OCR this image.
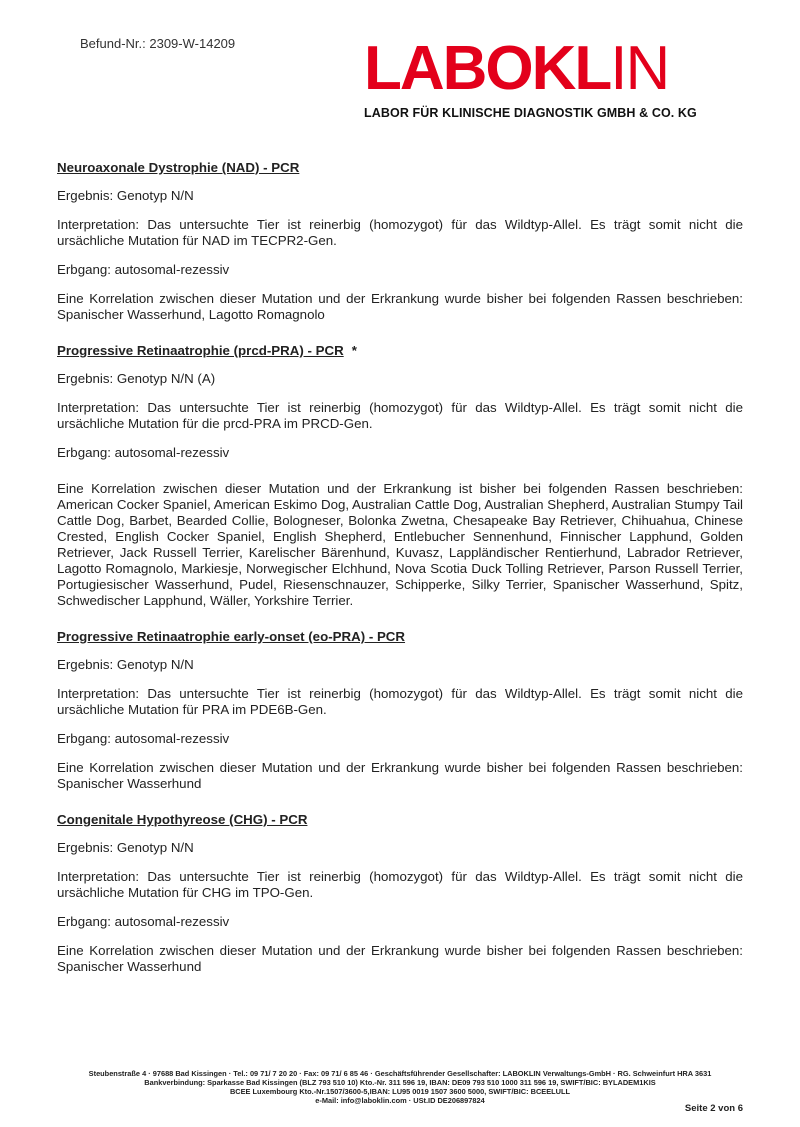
Befund-Nr.: 2309-W-14209 LABOKLIN
LABOR FÜR KLINISCHE DIAGNOSTIK GMBH & CO. KG
Neuroaxonale Dystrophie (NAD) - PCR

Ergebnis: Genotyp N/N

Interpretation: Das untersuchte Tier ist reinerbig (homozygot) für das Wildtyp-Allel. Es trägt somit nicht die ursächliche Mutation für NAD im TECPR2-Gen.

Erbgang: autosomal-rezessiv

Eine Korrelation zwischen dieser Mutation und der Erkrankung wurde bisher bei folgenden Rassen beschrieben: Spanischer Wasserhund, Lagotto Romagnolo

Progressive Retinaatrophie (prcd-PRA) - PCR *

Ergebnis: Genotyp N/N (A)

Interpretation: Das untersuchte Tier ist reinerbig (homozygot) für das Wildtyp-Allel. Es trägt somit nicht die ursächliche Mutation für die prcd-PRA im PRCD-Gen.

Erbgang: autosomal-rezessiv

Eine Korrelation zwischen dieser Mutation und der Erkrankung ist bisher bei folgenden Rassen beschrieben: American Cocker Spaniel, American Eskimo Dog, Australian Cattle Dog, Australian Shepherd, Australian Stumpy Tail Cattle Dog, Barbet, Bearded Collie, Bologneser, Bolonka Zwetna, Chesapeake Bay Retriever, Chihuahua, Chinese Crested, English Cocker Spaniel, English Shepherd, Entlebucher Sennenhund, Finnischer Lapphund, Golden Retriever, Jack Russell Terrier, Karelischer Bärenhund, Kuvasz, Lappländischer Rentierhund, Labrador Retriever, Lagotto Romagnolo, Markiesje, Norwegischer Elchhund, Nova Scotia Duck Tolling Retriever, Parson Russell Terrier, Portugiesischer Wasserhund, Pudel, Riesenschnauzer, Schipperke, Silky Terrier, Spanischer Wasserhund, Spitz, Schwedischer Lapphund, Wäller, Yorkshire Terrier.

Progressive Retinaatrophie early-onset (eo-PRA) - PCR

Ergebnis: Genotyp N/N

Interpretation: Das untersuchte Tier ist reinerbig (homozygot) für das Wildtyp-Allel. Es trägt somit nicht die ursächliche Mutation für PRA im PDE6B-Gen.

Erbgang: autosomal-rezessiv

Eine Korrelation zwischen dieser Mutation und der Erkrankung wurde bisher bei folgenden Rassen beschrieben: Spanischer Wasserhund

Congenitale Hypothyreose (CHG) - PCR

Ergebnis: Genotyp N/N

Interpretation: Das untersuchte Tier ist reinerbig (homozygot) für das Wildtyp-Allel. Es trägt somit nicht die ursächliche Mutation für CHG im TPO-Gen.

Erbgang: autosomal-rezessiv

Eine Korrelation zwischen dieser Mutation und der Erkrankung wurde bisher bei folgenden Rassen beschrieben: Spanischer Wasserhund

Steubenstraße 4 · 97688 Bad Kissingen · Tel.: 09 71/ 7 20 20 · Fax: 09 71/ 6 85 46 · Geschäftsführender Gesellschafter: LABOKLIN Verwaltungs-GmbH · RG. Schweinfurt HRA 3631
Bankverbindung: Sparkasse Bad Kissingen (BLZ 793 510 10) Kto.-Nr. 311 596 19, IBAN: DE09 793 510 1000 311 596 19, SWIFT/BIC: BYLADEM1KIS
BCEE Luxembourg Kto.-Nr.1507/3600-5,IBAN: LU95 0019 1507 3600 5000, SWIFT/BIC: BCEELULL
e-Mail: info@laboklin.com · USt.ID DE206897824
Seite 2 von 6
